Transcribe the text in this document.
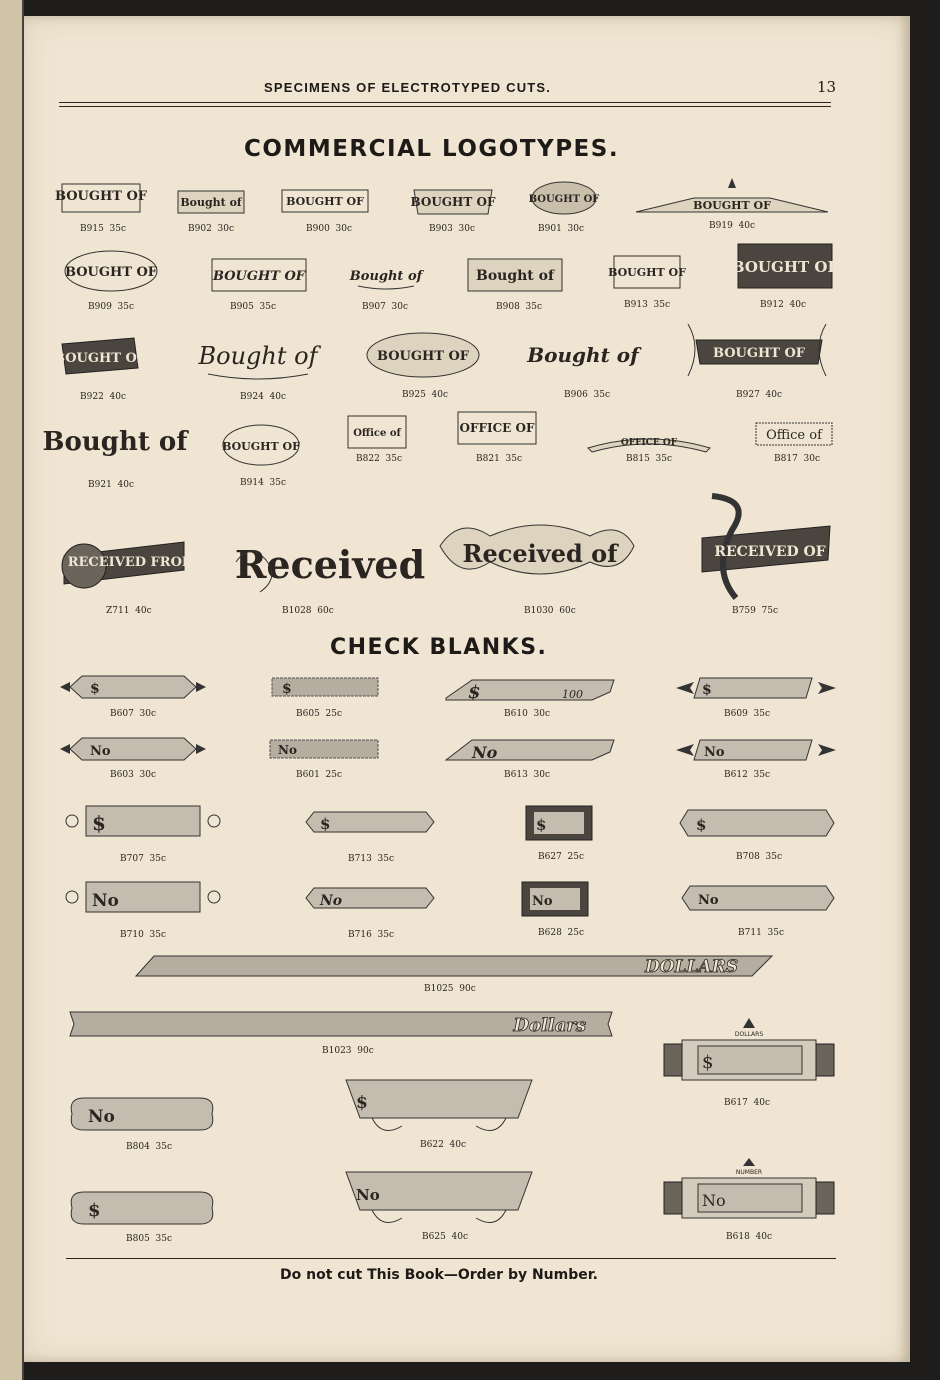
SPECIMENS OF ELECTROTYPED CUTS.	13
COMMERCIAL LOGOTYPES.
BOUGHT OF
B915 35c
Bought of
B902 30c
BOUGHT OF
B900 30c
BOUGHT OF
B903 30c
BOUGHT OF
B901 30c
BOUGHT OF
B919 40c
BOUGHT OF
B909 35c
BOUGHT OF
B905 35c
Bought of
B907 30c
Bought of
B908 35c
BOUGHT OF
B913 35c
BOUGHT OF
B912 40c
BOUGHT OF
B922 40c
Bought of
B924 40c
BOUGHT OF
B925 40c
Bought of
B906 35c
BOUGHT OF
B927 40c
Bought of
B921 40c
BOUGHT OF
B914 35c
Office of
B822 35c
OFFICE OF
B821 35c
OFFICE OF
B815 35c
Office of
B817 30c
RECEIVED FROM
Z711 40c
Received
B1028 60c
Received of
B1030 60c
RECEIVED OF
B759 75c
CHECK BLANKS.
$
B607 30c
$
B605 25c
$	100
B610 30c
$
B609 35c
No
B603 30c
No
B601 25c
No
B613 30c
No
B612 35c
$
B707 35c
$
B713 35c
$
B627 25c
$
B708 35c
No
B710 35c
No
B716 35c
No
B628 25c
No
B711 35c
DOLLARS
B1025 90c
Dollars
B1023 90c
$
DOLLARS
B617 40c
No
B804 35c
$
B622 40c
$
B805 35c
No
B625 40c
No
NUMBER
B618 40c
Do not cut This Book—Order by Number.
